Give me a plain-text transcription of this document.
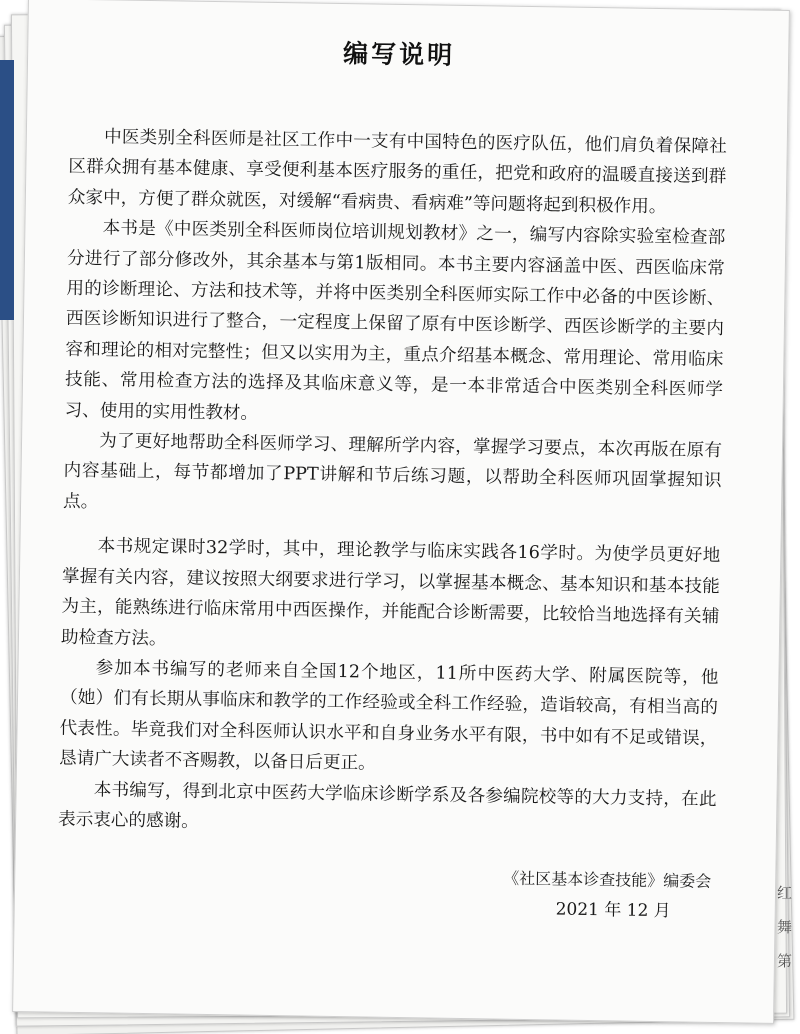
红
舞
第
编写说明

中医类别全科医师是社区工作中一支有中国特色的医疗队伍，他们肩负着保障社区群众拥有基本健康、享受便利基本医疗服务的重任，把党和政府的温暖直接送到群众家中，方便了群众就医，对缓解“看病贵、看病难”等问题将起到积极作用。

本书是《中医类别全科医师岗位培训规划教材》之一，编写内容除实验室检查部分进行了部分修改外，其余基本与第1版相同。本书主要内容涵盖中医、西医临床常用的诊断理论、方法和技术等，并将中医类别全科医师实际工作中必备的中医诊断、西医诊断知识进行了整合，一定程度上保留了原有中医诊断学、西医诊断学的主要内容和理论的相对完整性；但又以实用为主，重点介绍基本概念、常用理论、常用临床技能、常用检查方法的选择及其临床意义等，是一本非常适合中医类别全科医师学习、使用的实用性教材。

为了更好地帮助全科医师学习、理解所学内容，掌握学习要点，本次再版在原有内容基础上，每节都增加了PPT讲解和节后练习题，以帮助全科医师巩固掌握知识点。

本书规定课时32学时，其中，理论教学与临床实践各16学时。为使学员更好地掌握有关内容，建议按照大纲要求进行学习，以掌握基本概念、基本知识和基本技能为主，能熟练进行临床常用中西医操作，并能配合诊断需要，比较恰当地选择有关辅助检查方法。

参加本书编写的老师来自全国12个地区，11所中医药大学、附属医院等，他（她）们有长期从事临床和教学的工作经验或全科工作经验，造诣较高，有相当高的代表性。毕竟我们对全科医师认识水平和自身业务水平有限，书中如有不足或错误，恳请广大读者不吝赐教，以备日后更正。

本书编写，得到北京中医药大学临床诊断学系及各参编院校等的大力支持，在此表示衷心的感谢。

《社区基本诊查技能》编委会
2021 年 12 月
